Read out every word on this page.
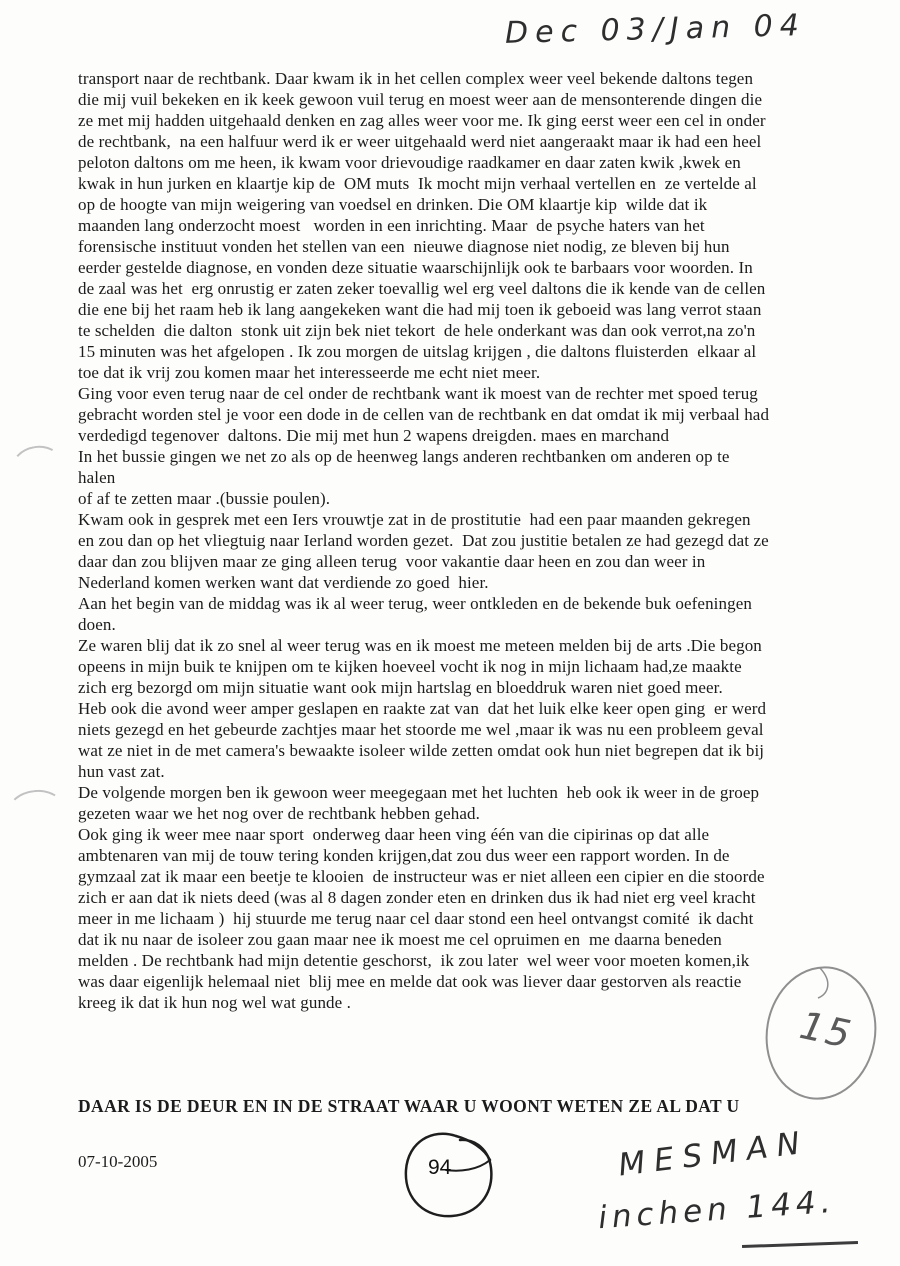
Dec 03/Jan 04
transport naar de rechtbank. Daar kwam ik in het cellen complex weer veel bekende daltons tegen
die mij vuil bekeken en ik keek gewoon vuil terug en moest weer aan de mensonterende dingen die
ze met mij hadden uitgehaald denken en zag alles weer voor me. Ik ging eerst weer een cel in onder
de rechtbank,  na een halfuur werd ik er weer uitgehaald werd niet aangeraakt maar ik had een heel
peloton daltons om me heen, ik kwam voor drievoudige raadkamer en daar zaten kwik ,kwek en
kwak in hun jurken en klaartje kip de  OM muts  Ik mocht mijn verhaal vertellen en  ze vertelde al
op de hoogte van mijn weigering van voedsel en drinken. Die OM klaartje kip  wilde dat ik
maanden lang onderzocht moest   worden in een inrichting. Maar  de psyche haters van het
forensische instituut vonden het stellen van een  nieuwe diagnose niet nodig, ze bleven bij hun
eerder gestelde diagnose, en vonden deze situatie waarschijnlijk ook te barbaars voor woorden. In
de zaal was het  erg onrustig er zaten zeker toevallig wel erg veel daltons die ik kende van de cellen
die ene bij het raam heb ik lang aangekeken want die had mij toen ik geboeid was lang verrot staan
te schelden  die dalton  stonk uit zijn bek niet tekort  de hele onderkant was dan ook verrot,na zo'n
15 minuten was het afgelopen . Ik zou morgen de uitslag krijgen , die daltons fluisterden  elkaar al
toe dat ik vrij zou komen maar het interesseerde me echt niet meer.
Ging voor even terug naar de cel onder de rechtbank want ik moest van de rechter met spoed terug
gebracht worden stel je voor een dode in de cellen van de rechtbank en dat omdat ik mij verbaal had
verdedigd tegenover  daltons. Die mij met hun 2 wapens dreigden. maes en marchand
In het bussie gingen we net zo als op de heenweg langs anderen rechtbanken om anderen op te
halen
of af te zetten maar .(bussie poulen).
Kwam ook in gesprek met een Iers vrouwtje zat in de prostitutie  had een paar maanden gekregen
en zou dan op het vliegtuig naar Ierland worden gezet.  Dat zou justitie betalen ze had gezegd dat ze
daar dan zou blijven maar ze ging alleen terug  voor vakantie daar heen en zou dan weer in
Nederland komen werken want dat verdiende zo goed  hier.
Aan het begin van de middag was ik al weer terug, weer ontkleden en de bekende buk oefeningen
doen.
Ze waren blij dat ik zo snel al weer terug was en ik moest me meteen melden bij de arts .Die begon
opeens in mijn buik te knijpen om te kijken hoeveel vocht ik nog in mijn lichaam had,ze maakte
zich erg bezorgd om mijn situatie want ook mijn hartslag en bloeddruk waren niet goed meer.
Heb ook die avond weer amper geslapen en raakte zat van  dat het luik elke keer open ging  er werd
niets gezegd en het gebeurde zachtjes maar het stoorde me wel ,maar ik was nu een probleem geval
wat ze niet in de met camera's bewaakte isoleer wilde zetten omdat ook hun niet begrepen dat ik bij
hun vast zat.
De volgende morgen ben ik gewoon weer meegegaan met het luchten  heb ook ik weer in de groep
gezeten waar we het nog over de rechtbank hebben gehad.
Ook ging ik weer mee naar sport  onderweg daar heen ving één van die cipirinas op dat alle
ambtenaren van mij de touw tering konden krijgen,dat zou dus weer een rapport worden. In de
gymzaal zat ik maar een beetje te klooien  de instructeur was er niet alleen een cipier en die stoorde
zich er aan dat ik niets deed (was al 8 dagen zonder eten en drinken dus ik had niet erg veel kracht
meer in me lichaam )  hij stuurde me terug naar cel daar stond een heel ontvangst comité  ik dacht
dat ik nu naar de isoleer zou gaan maar nee ik moest me cel opruimen en  me daarna beneden
melden . De rechtbank had mijn detentie geschorst,  ik zou later  wel weer voor moeten komen,ik
was daar eigenlijk helemaal niet  blij mee en melde dat ook was liever daar gestorven als reactie
kreeg ik dat ik hun nog wel wat gunde .
15
DAAR IS DE DEUR EN IN DE STRAAT WAAR U WOONT WETEN ZE AL DAT U
07-10-2005	94	MESMAN
inchen 144.
